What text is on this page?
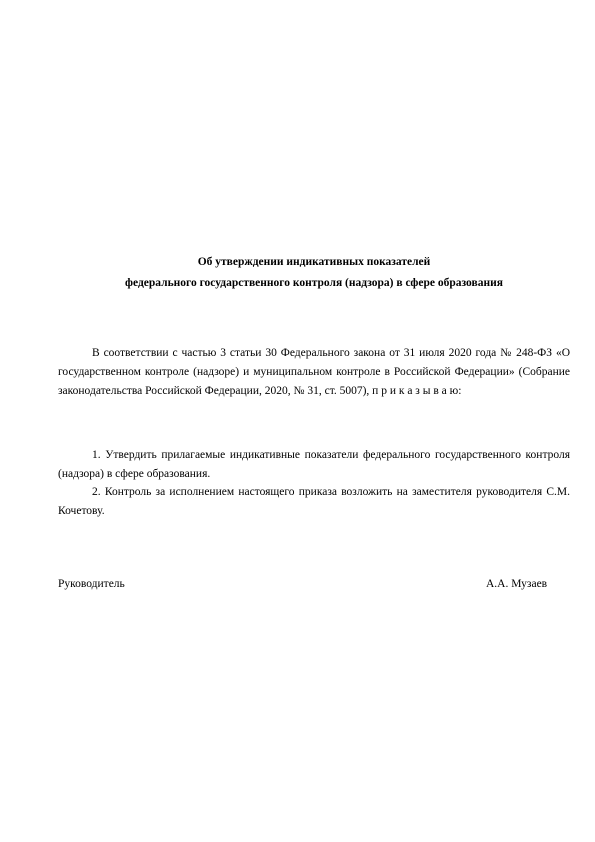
Об утверждении индикативных показателей
федерального государственного контроля (надзора) в сфере образования
В соответствии с частью 3 статьи 30 Федерального закона от 31 июля 2020 года № 248-ФЗ «О государственном контроле (надзоре) и муниципальном контроле в Российской Федерации» (Собрание законодательства Российской Федерации, 2020, № 31, ст. 5007), п р и к а з ы в а ю:
1. Утвердить прилагаемые индикативные показатели федерального государственного контроля (надзора) в сфере образования.
2. Контроль за исполнением настоящего приказа возложить на заместителя руководителя С.М. Кочетову.
Руководитель	А.А. Музаев
